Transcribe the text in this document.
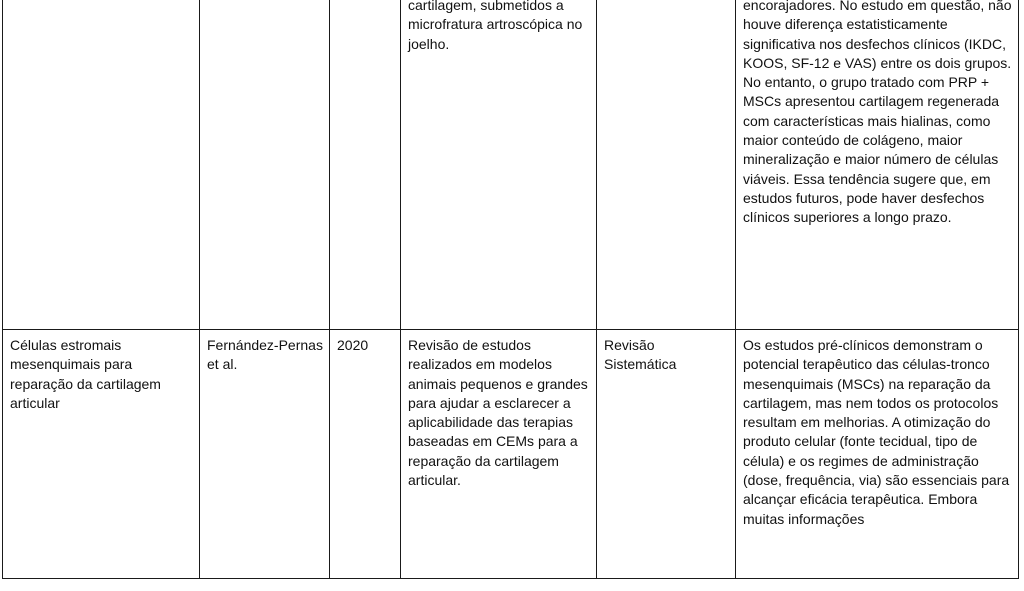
			cartilagem, submetidos a microfratura artroscópica no joelho.		encorajadores. No estudo em questão, não houve diferença estatisticamente significativa nos desfechos clínicos (IKDC, KOOS, SF-12 e VAS) entre os dois grupos. No entanto, o grupo tratado com PRP + MSCs apresentou cartilagem regenerada com características mais hialinas, como maior conteúdo de colágeno, maior mineralização e maior número de células viáveis. Essa tendência sugere que, em estudos futuros, pode haver desfechos clínicos superiores a longo prazo.

Células estromais mesenquimais para reparação da cartilagem articular	Fernández-Pernas et al.	2020	Revisão de estudos realizados em modelos animais pequenos e grandes para ajudar a esclarecer a aplicabilidade das terapias baseadas em CEMs para a reparação da cartilagem articular.	Revisão Sistemática	Os estudos pré-clínicos demonstram o potencial terapêutico das células-tronco mesenquimais (MSCs) na reparação da cartilagem, mas nem todos os protocolos resultam em melhorias. A otimização do produto celular (fonte tecidual, tipo de célula) e os regimes de administração (dose, frequência, via) são essenciais para alcançar eficácia terapêutica. Embora muitas informações
